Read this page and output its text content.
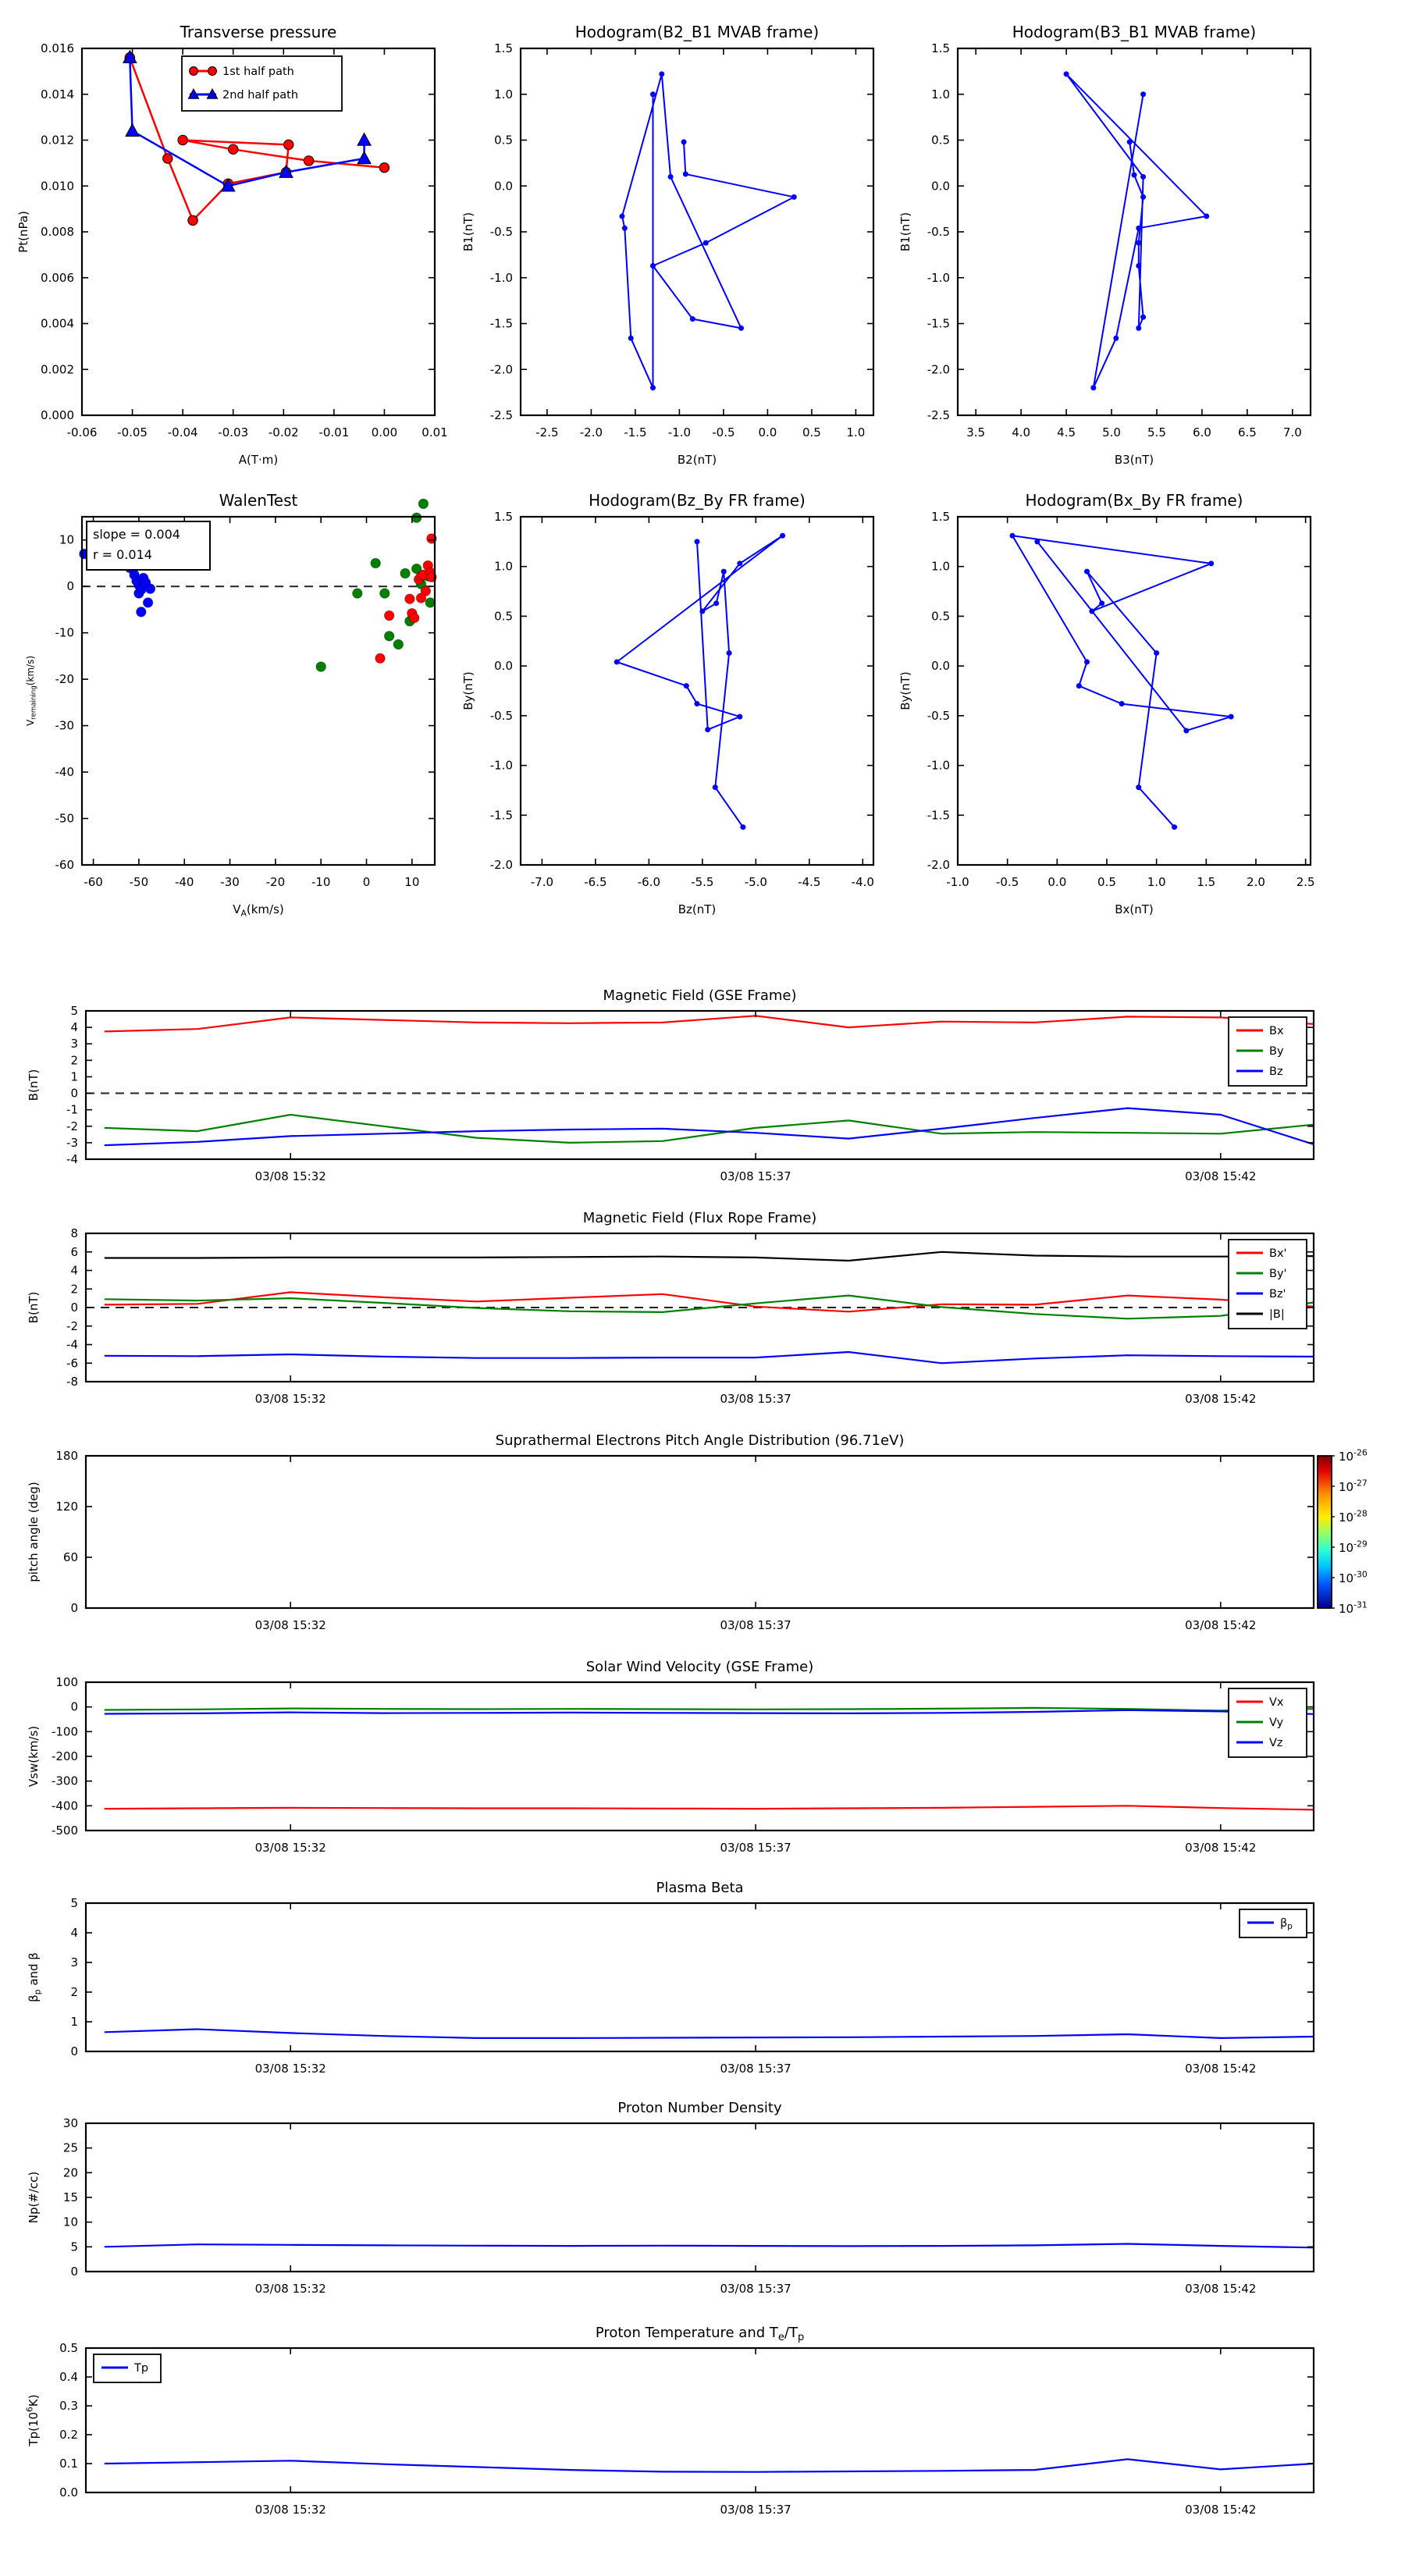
-0.06 -0.05 -0.04 -0.03 -0.02 -0.01 0.00 0.01
0.000
0.002
0.004
0.006
0.008
0.010
0.012
0.014
0.016
Transverse pressure
A(T·m)
Pt(nPa)
1st half path
2nd half path
-2.5 -2.0 -1.5 -1.0 -0.5 0.0 0.5 1.0
-2.5
-2.0
-1.5
-1.0
-0.5
0.0
0.5
1.0
1.5
Hodogram(B2_B1 MVAB frame)
B2(nT)
B1(nT)
3.5 4.0 4.5 5.0 5.5 6.0 6.5 7.0
-2.5
-2.0
-1.5
-1.0
-0.5
0.0
0.5
1.0
1.5
Hodogram(B3_B1 MVAB frame)
B3(nT)
B1(nT)
-60 -50 -40 -30 -20 -10	0	10
-60
-50
-40
-30
-20
-10
0
10
WalenTest
$V_A(km/s)$
$V_{remaining}(km/s)$
slope = 0.004
r = 0.014
-7.0	-6.5	-6.0	-5.5	-5.0	-4.5	-4.0
-2.0
-1.5
-1.0
-0.5
0.0
0.5
1.0
1.5
Hodogram(Bz_By FR frame)
Bz(nT)
By(nT)
-1.0 -0.5 0.0	0.5	1.0	1.5	2.0	2.5
-2.0
-1.5
-1.0
-0.5
0.0
0.5
1.0
1.5
Hodogram(Bx_By FR frame)
Bx(nT)
By(nT)
03/08 15:32	03/08 15:37	03/08 15:42
-4
-3
-2
-1
0
1
2
3
4
5
Magnetic Field (GSE Frame)
B(nT)
Bx
By
Bz
03/08 15:32	03/08 15:37	03/08 15:42
-8
-6
-4
-2
0
2
4
6
8
Magnetic Field (Flux Rope Frame)
B(nT)
Bx'
By'
Bz'
|B|
03/08 15:32	03/08 15:37	03/08 15:42
0
60
120
180
Suprathermal Electrons Pitch Angle Distribution (96.71eV)
pitch angle (deg)
$10^{-26}$
$10^{-27}$
$10^{-28}$
$10^{-29}$
$10^{-30}$
$10^{-31}$
03/08 15:32	03/08 15:37	03/08 15:42
-500
-400
-300
-200
-100
0
100
Solar Wind Velocity (GSE Frame)
Vsw(km/s)
Vx
Vy
Vz
03/08 15:32	03/08 15:37	03/08 15:42
0
1
2
3
4
5
Plasma Beta
$\beta_p$ and β
$\beta_p$
03/08 15:32	03/08 15:37	03/08 15:42
0
5
10
15
20
25
30
Proton Number Density
Np(#/cc)
03/08 15:32	03/08 15:37	03/08 15:42
0.0
0.1
0.2
0.3
0.4
0.5
Proton Temperature and $T_e/T_p$
$Tp(10^6K)$
Tp
